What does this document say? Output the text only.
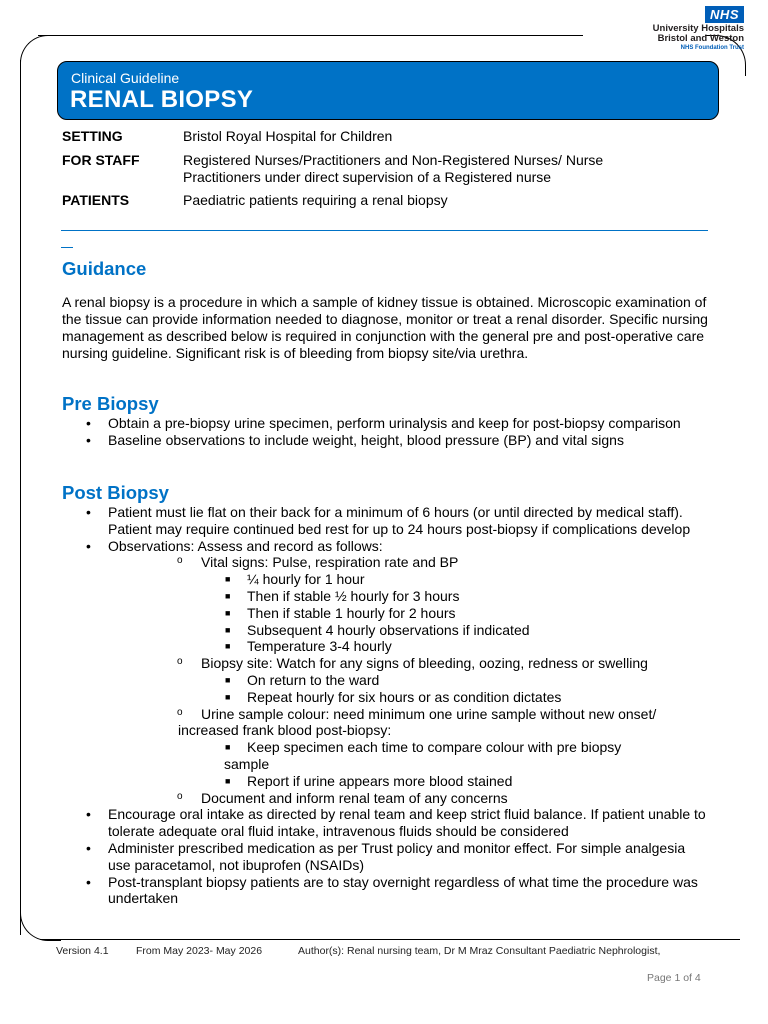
NHS
University Hospitals
Bristol and Weston
NHS Foundation Trust
Clinical Guideline
RENAL BIOPSY
SETTING	Bristol Royal Hospital for Children
FOR STAFF	Registered Nurses/Practitioners and Non-Registered Nurses/ Nurse Practitioners under direct supervision of a Registered nurse
PATIENTS	Paediatric patients requiring a renal biopsy
Guidance

A renal biopsy is a procedure in which a sample of kidney tissue is obtained. Microscopic examination of the tissue can provide information needed to diagnose, monitor or treat a renal disorder. Specific nursing management as described below is required in conjunction with the general pre and post-operative care nursing guideline. Significant risk is of bleeding from biopsy site/via urethra.

Pre Biopsy
• Obtain a pre-biopsy urine specimen, perform urinalysis and keep for post-biopsy comparison
• Baseline observations to include weight, height, blood pressure (BP) and vital signs
Post Biopsy
• Patient must lie flat on their back for a minimum of 6 hours (or until directed by medical staff). Patient may require continued bed rest for up to 24 hours post-biopsy if complications develop
• Observations: Assess and record as follows:
o Vital signs: Pulse, respiration rate and BP
■ ¼ hourly for 1 hour
■ Then if stable ½ hourly for 3 hours
■ Then if stable 1 hourly for 2 hours
■ Subsequent 4 hourly observations if indicated
■ Temperature 3-4 hourly
o Biopsy site: Watch for any signs of bleeding, oozing, redness or swelling
■ On return to the ward
■ Repeat hourly for six hours or as condition dictates
o Urine sample colour: need minimum one urine sample without new onset/
increased frank blood post-biopsy:
■ Keep specimen each time to compare colour with pre biopsy
sample
■ Report if urine appears more blood stained
o Document and inform renal team of any concerns
• Encourage oral intake as directed by renal team and keep strict fluid balance. If patient unable to tolerate adequate oral fluid intake, intravenous fluids should be considered
• Administer prescribed medication as per Trust policy and monitor effect. For simple analgesia use paracetamol, not ibuprofen (NSAIDs)
• Post-transplant biopsy patients are to stay overnight regardless of what time the procedure was undertaken
Version 4.1	From May 2023- May 2026	Author(s): Renal nursing team, Dr M Mraz Consultant Paediatric Nephrologist,
Page 1 of 4
